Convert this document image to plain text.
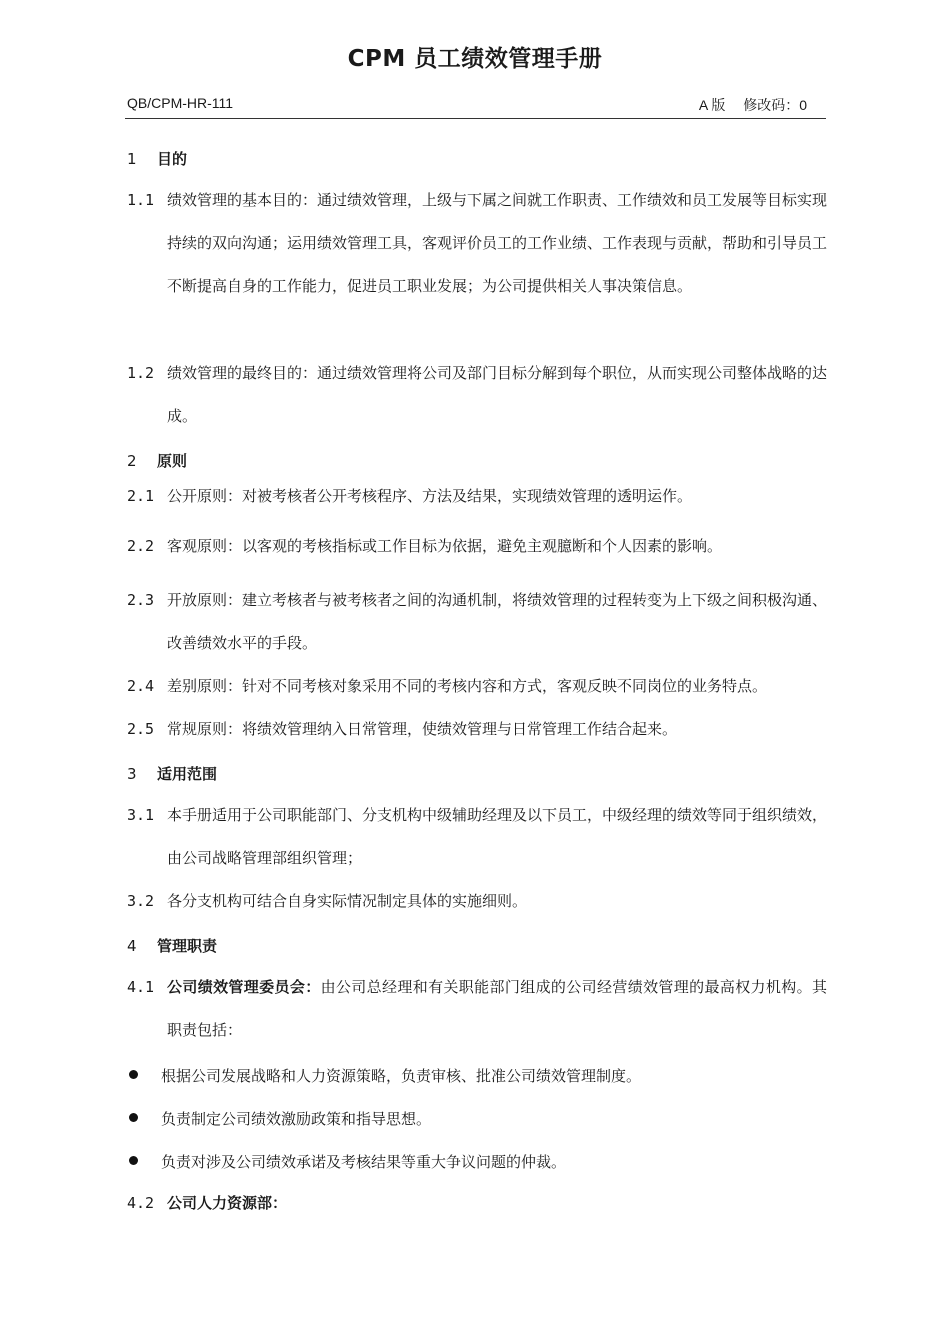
CPM 员工绩效管理手册
QB/CPM-HR-111	A 版　 修改码：0
1 目的
1.1 绩效管理的基本目的：通过绩效管理，上级与下属之间就工作职责、工作绩效和员工发展等目标实现持续的双向沟通；运用绩效管理工具，客观评价员工的工作业绩、工作表现与贡献，帮助和引导员工不断提高自身的工作能力，促进员工职业发展；为公司提供相关人事决策信息。
1.2 绩效管理的最终目的：通过绩效管理将公司及部门目标分解到每个职位，从而实现公司整体战略的达成。
2 原则
2.1 公开原则：对被考核者公开考核程序、方法及结果，实现绩效管理的透明运作。
2.2 客观原则：以客观的考核指标或工作目标为依据，避免主观臆断和个人因素的影响。
2.3 开放原则：建立考核者与被考核者之间的沟通机制，将绩效管理的过程转变为上下级之间积极沟通、改善绩效水平的手段。
2.4 差别原则：针对不同考核对象采用不同的考核内容和方式，客观反映不同岗位的业务特点。
2.5 常规原则：将绩效管理纳入日常管理，使绩效管理与日常管理工作结合起来。
3 适用范围
3.1 本手册适用于公司职能部门、分支机构中级辅助经理及以下员工，中级经理的绩效等同于组织绩效，由公司战略管理部组织管理；
3.2 各分支机构可结合自身实际情况制定具体的实施细则。
4 管理职责
4.1 公司绩效管理委员会：由公司总经理和有关职能部门组成的公司经营绩效管理的最高权力机构。其职责包括：
根据公司发展战略和人力资源策略，负责审核、批准公司绩效管理制度。
负责制定公司绩效激励政策和指导思想。
负责对涉及公司绩效承诺及考核结果等重大争议问题的仲裁。
4.2 公司人力资源部：
